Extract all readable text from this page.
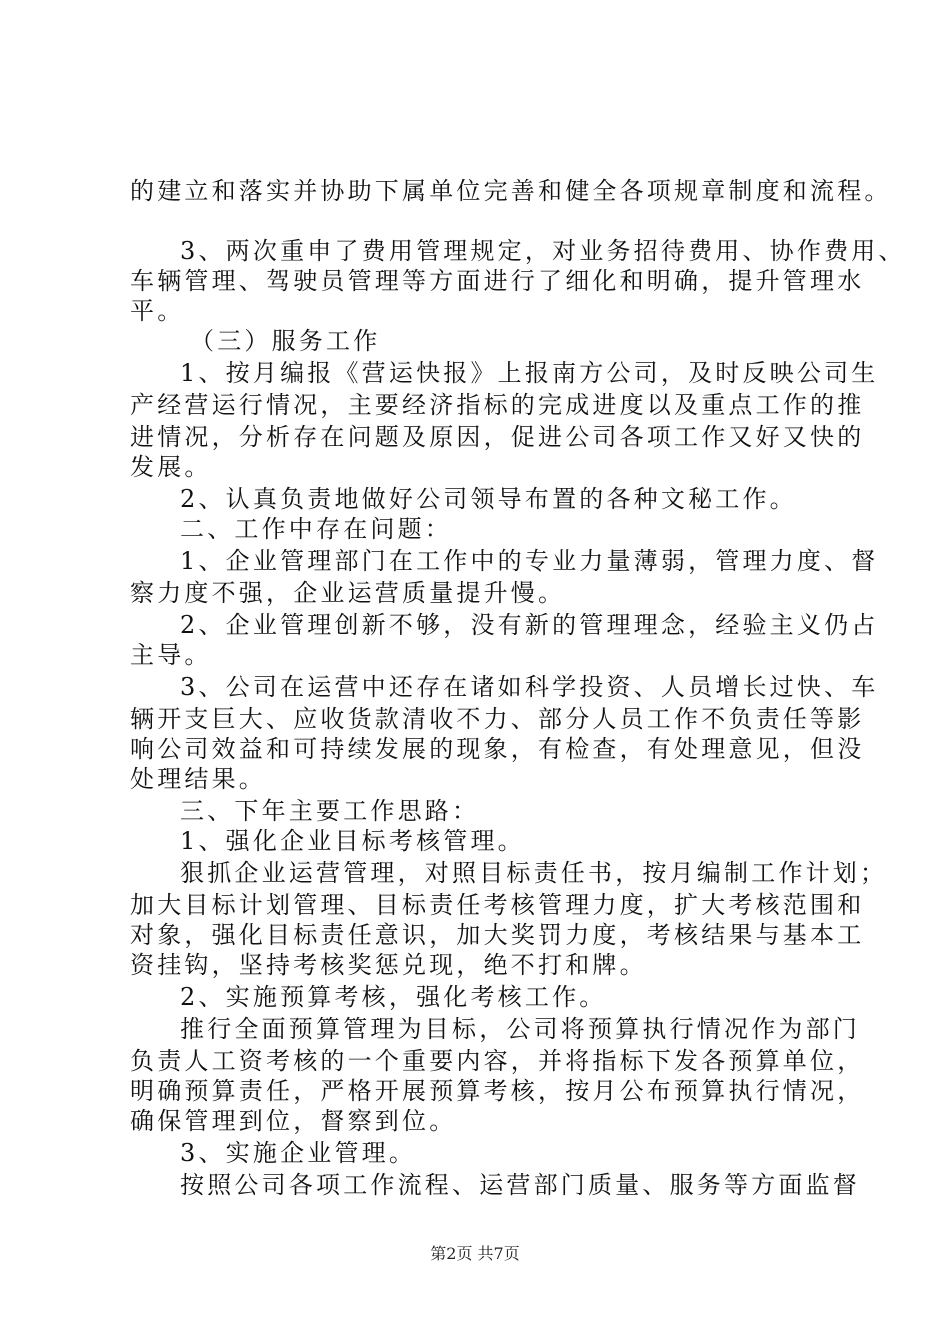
的建立和落实并协助下属单位完善和健全各项规章制度和流程。
3、两次重申了费用管理规定，对业务招待费用、协作费用、
车辆管理、驾驶员管理等方面进行了细化和明确，提升管理水
平。
（三）服务工作
1、按月编报《营运快报》上报南方公司，及时反映公司生
产经营运行情况，主要经济指标的完成进度以及重点工作的推
进情况，分析存在问题及原因，促进公司各项工作又好又快的
发展。
2、认真负责地做好公司领导布置的各种文秘工作。
二、工作中存在问题：
1、企业管理部门在工作中的专业力量薄弱，管理力度、督
察力度不强，企业运营质量提升慢。
2、企业管理创新不够，没有新的管理理念，经验主义仍占
主导。
3、公司在运营中还存在诸如科学投资、人员增长过快、车
辆开支巨大、应收货款清收不力、部分人员工作不负责任等影
响公司效益和可持续发展的现象，有检查，有处理意见，但没
处理结果。
三、下年主要工作思路：
1、强化企业目标考核管理。
狠抓企业运营管理，对照目标责任书，按月编制工作计划；
加大目标计划管理、目标责任考核管理力度，扩大考核范围和
对象，强化目标责任意识，加大奖罚力度，考核结果与基本工
资挂钩，坚持考核奖惩兑现，绝不打和牌。
2、实施预算考核，强化考核工作。
推行全面预算管理为目标，公司将预算执行情况作为部门
负责人工资考核的一个重要内容，并将指标下发各预算单位，
明确预算责任，严格开展预算考核，按月公布预算执行情况，
确保管理到位，督察到位。
3、实施企业管理。
按照公司各项工作流程、运营部门质量、服务等方面监督
第2页 共7页
